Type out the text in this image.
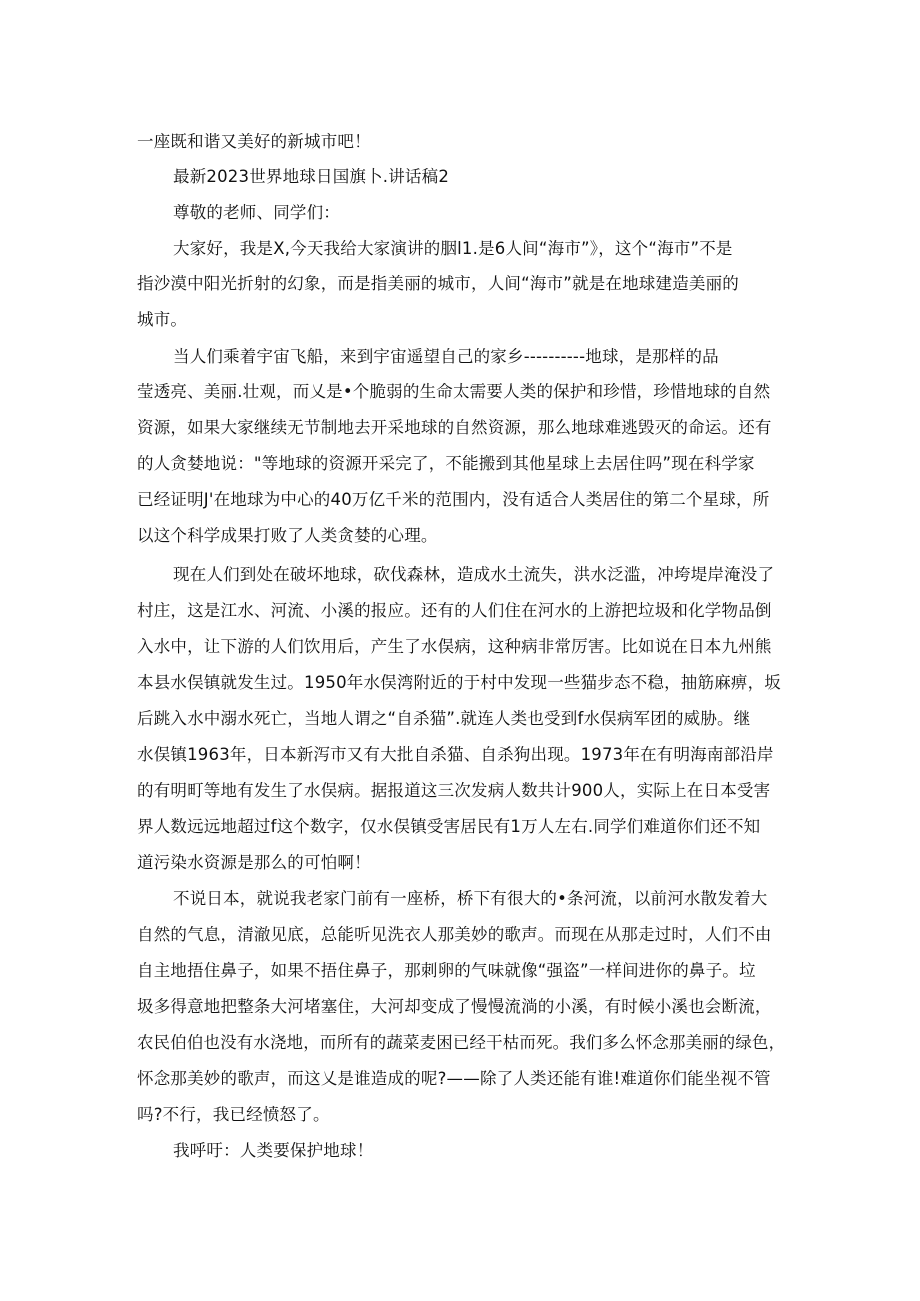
一座既和谐又美好的新城市吧！

最新2023世界地球日国旗卜.讲话稿2

尊敬的老师、同学们：

大家好，我是X,今天我给大家演讲的胭l1.是6人间“海市”》，这个“海市”不是

指沙漠中阳光折射的幻象，而是指美丽的城市，人间“海市”就是在地球建造美丽的

城市。

当人们乘着宇宙飞船，来到宇宙遥望自己的家乡----------地球，是那样的品

莹透亮、美丽.壮观，而乂是•个脆弱的生命太需要人类的保护和珍惜，珍惜地球的自然

资源，如果大家继续无节制地去开采地球的自然资源，那么地球难逃毁灭的命运。还有

的人贪婪地说："等地球的资源开采完了，不能搬到其他星球上去居住吗”现在科学家

已经证明J'在地球为中心的40万亿千米的范围内，没有适合人类居住的第二个星球，所

以这个科学成果打败了人类贪婪的心理。

现在人们到处在破坏地球，砍伐森林，造成水土流失，洪水泛滥，冲垮堤岸淹没了

村庄，这是江水、河流、小溪的报应。还有的人们住在河水的上游把垃圾和化学物品倒

入水中，让下游的人们饮用后，产生了水俣病，这种病非常厉害。比如说在日本九州熊

本县水俣镇就发生过。1950年水俣湾附近的于村中发现一些猫步态不稳，抽筋麻痹，坂

后跳入水中溺水死亡，当地人谓之“自杀猫”.就连人类也受到f水俣病军团的威胁。继

水俣镇1963年，日本新泻市又有大批自杀猫、自杀狗出现。1973年在有明海南部沿岸

的有明町等地有发生了水俣病。据报道这三次发病人数共计900人，实际上在日本受害

界人数远远地超过f这个数字，仅水俣镇受害居民有1万人左右.同学们难道你们还不知

道污染水资源是那么的可怕啊！

不说日本，就说我老家门前有一座桥，桥下有很大的•条河流，以前河水散发着大

自然的气息，清澈见底，总能听见洗衣人那美妙的歌声。而现在从那走过时，人们不由

自主地捂住鼻子，如果不捂住鼻子，那刺卵的气味就像“强盗”一样间进你的鼻子。垃

圾多得意地把整条大河堵塞住，大河却变成了慢慢流淌的小溪，有时候小溪也会断流，

农民伯伯也没有水浇地，而所有的蔬菜麦困已经干枯而死。我们多么怀念那美丽的绿色，

怀念那美妙的歌声，而这乂是谁造成的呢?——除了人类还能有谁!难道你们能坐视不管

吗?不行，我已经愤怒了。

我呼吁：人类要保护地球！
